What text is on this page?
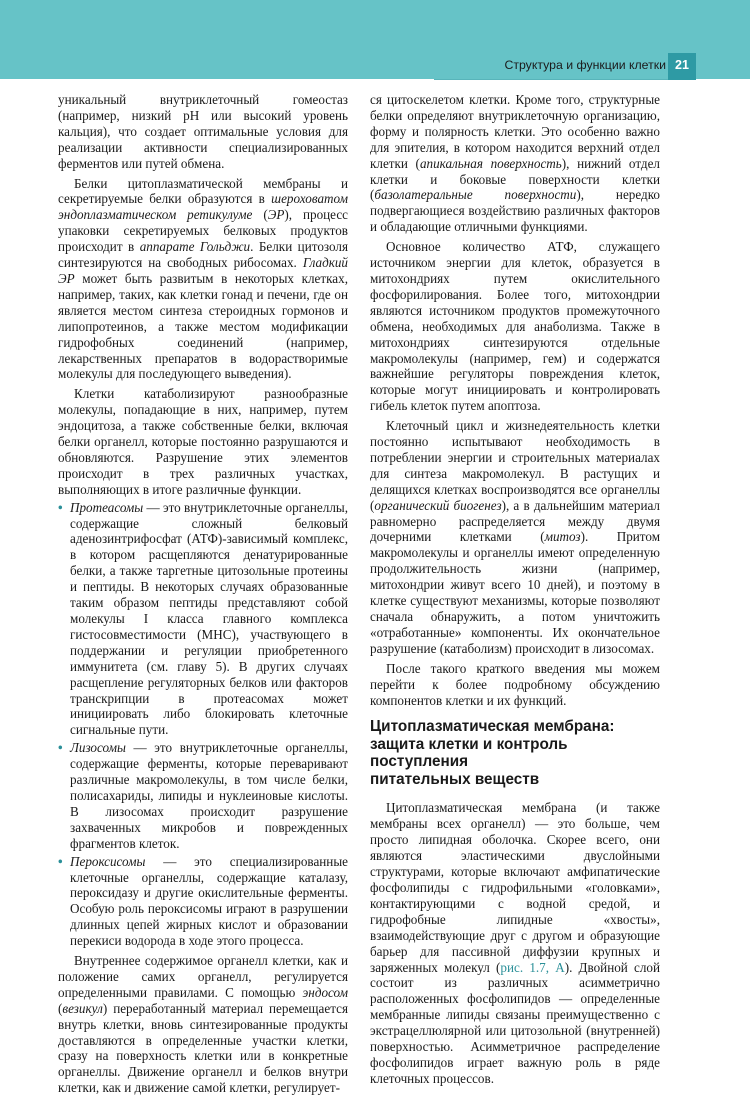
Структура и функции клетки 21

уникальный внутриклеточный гомеостаз (например, низкий рН или высокий уровень кальция), что создает оптимальные условия для реализации активности специализированных ферментов или путей обмена.

Белки цитоплазматической мембраны и секретируемые белки образуются в шероховатом эндоплазматическом ретикулуме (ЭР), процесс упаковки секретируемых белковых продуктов происходит в аппарате Гольджи. Белки цитозоля синтезируются на свободных рибосомах. Гладкий ЭР может быть развитым в некоторых клетках, например, таких, как клетки гонад и печени, где он является местом синтеза стероидных гормонов и липопротеинов, а также местом модификации гидрофобных соединений (например, лекарственных препаратов в водорастворимые молекулы для последующего выведения).

Клетки катаболизируют разнообразные молекулы, попадающие в них, например, путем эндоцитоза, а также собственные белки, включая белки органелл, которые постоянно разрушаются и обновляются. Разрушение этих элементов происходит в трех различных участках, выполняющих в итоге различные функции.

• Протеасомы — это внутриклеточные органеллы, содержащие сложный белковый аденозинтрифосфат (АТФ)-зависимый комплекс, в котором расщепляются денатурированные белки, а также таргетные цитозольные протеины и пептиды. В некоторых случаях образованные таким образом пептиды представляют собой молекулы I класса главного комплекса гистосовместимости (МНС), участвующего в поддержании и регуляции приобретенного иммунитета (см. главу 5). В других случаях расщепление регуляторных белков или факторов транскрипции в протеасомах может инициировать либо блокировать клеточные сигнальные пути.
• Лизосомы — это внутриклеточные органеллы, содержащие ферменты, которые переваривают различные макромолекулы, в том числе белки, полисахариды, липиды и нуклеиновые кислоты. В лизосомах происходит разрушение захваченных микробов и поврежденных фрагментов клеток.
• Пероксисомы — это специализированные клеточные органеллы, содержащие каталазу, пероксидазу и другие окислительные ферменты. Особую роль пероксисомы играют в разрушении длинных цепей жирных кислот и образовании перекиси водорода в ходе этого процесса.

Внутреннее содержимое органелл клетки, как и положение самих органелл, регулируется определенными правилами. С помощью эндосом (везикул) переработанный материал перемещается внутрь клетки, вновь синтезированные продукты доставляются в определенные участки клетки, сразу на поверхность клетки или в конкретные органеллы. Движение органелл и белков внутри клетки, как и движение самой клетки, регулирует-

ся цитоскелетом клетки. Кроме того, структурные белки определяют внутриклеточную организацию, форму и полярность клетки. Это особенно важно для эпителия, в котором находится верхний отдел клетки (апикальная поверхность), нижний отдел клетки и боковые поверхности клетки (базолатеральные поверхности), нередко подвергающиеся воздействию различных факторов и обладающие отличными функциями.

Основное количество АТФ, служащего источником энергии для клеток, образуется в митохондриях путем окислительного фосфорилирования. Более того, митохондрии являются источником продуктов промежуточного обмена, необходимых для анаболизма. Также в митохондриях синтезируются отдельные макромолекулы (например, гем) и содержатся важнейшие регуляторы повреждения клеток, которые могут инициировать и контролировать гибель клеток путем апоптоза.

Клеточный цикл и жизнедеятельность клетки постоянно испытывают необходимость в потреблении энергии и строительных материалах для синтеза макромолекул. В растущих и делящихся клетках воспроизводятся все органеллы (органический биогенез), а в дальнейшим материал равномерно распределяется между двумя дочерними клетками (митоз). Притом макромолекулы и органеллы имеют определенную продолжительность жизни (например, митохондрии живут всего 10 дней), и поэтому в клетке существуют механизмы, которые позволяют сначала обнаружить, а потом уничтожить «отработанные» компоненты. Их окончательное разрушение (катаболизм) происходит в лизосомах.

После такого краткого введения мы можем перейти к более подробному обсуждению компонентов клетки и их функций.

Цитоплазматическая мембрана:
защита клетки и контроль поступления
питательных веществ

Цитоплазматическая мембрана (и также мембраны всех органелл) — это больше, чем просто липидная оболочка. Скорее всего, они являются эластическими двуслойными структурами, которые включают амфипатические фосфолипиды с гидрофильными «головками», контактирующими с водной средой, и гидрофобные липидные «хвосты», взаимодействующие друг с другом и образующие барьер для пассивной диффузии крупных и заряженных молекул (рис. 1.7, А). Двойной слой состоит из различных асимметрично расположенных фосфолипидов — определенные мембранные липиды связаны преимущественно с экстрацеллюлярной или цитозольной (внутренней) поверхностью. Асимметричное распределение фосфолипидов играет важную роль в ряде клеточных процессов.
